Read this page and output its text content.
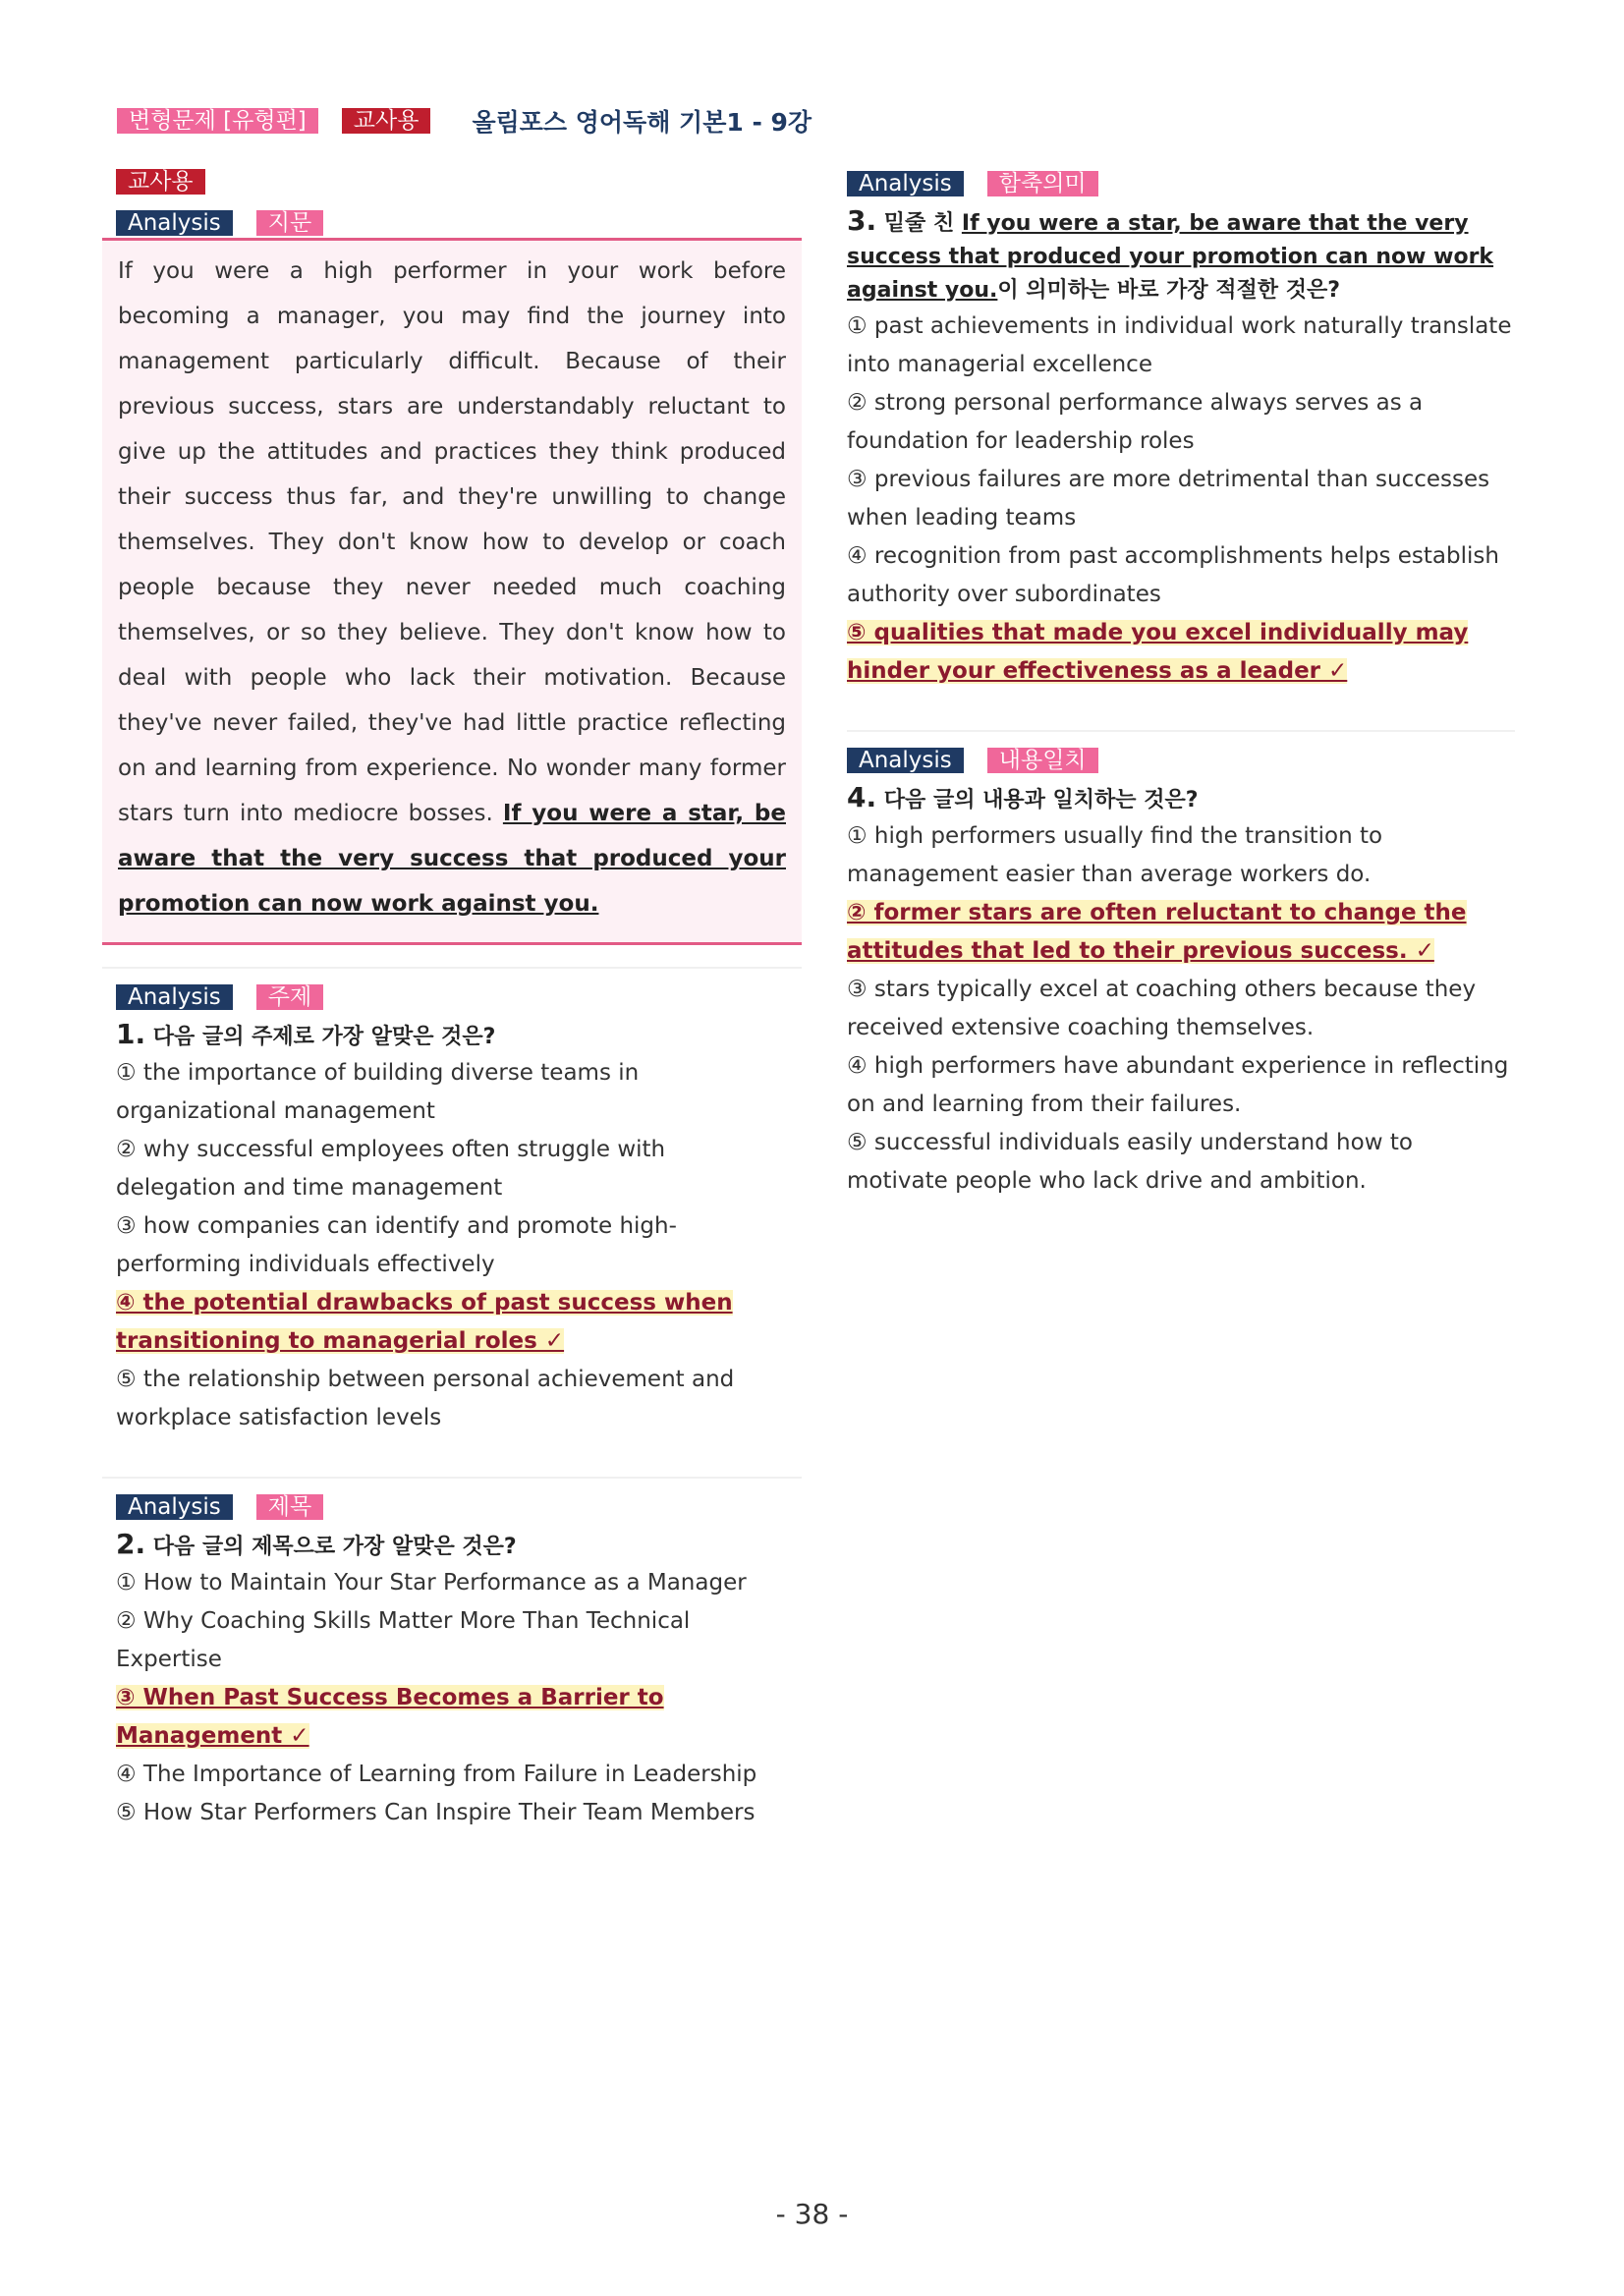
변형문제 [유형편]	교사용	올림포스 영어독해 기본1 - 9강
교사용
Analysis	지문
If you were a high performer in your work before becoming a manager, you may find the journey into management particularly difficult. Because of their previous success, stars are understandably reluctant to give up the attitudes and practices they think produced their success thus far, and they're unwilling to change themselves. They don't know how to develop or coach people because they never needed much coaching themselves, or so they believe. They don't know how to deal with people who lack their motivation. Because they've never failed, they've had little practice reflecting on and learning from experience. No wonder many former stars turn into mediocre bosses. If you were a star, be aware that the very success that produced your promotion can now work against you.
Analysis	주제
1. 다음 글의 주제로 가장 알맞은 것은?
① the importance of building diverse teams in organizational management
② why successful employees often struggle with delegation and time management
③ how companies can identify and promote high-performing individuals effectively
④ the potential drawbacks of past success when transitioning to managerial roles ✓
⑤ the relationship between personal achievement and workplace satisfaction levels
Analysis	제목
2. 다음 글의 제목으로 가장 알맞은 것은?
① How to Maintain Your Star Performance as a Manager
② Why Coaching Skills Matter More Than Technical Expertise
③ When Past Success Becomes a Barrier to Management ✓
④ The Importance of Learning from Failure in Leadership
⑤ How Star Performers Can Inspire Their Team Members
Analysis	함축의미
3. 밑줄 친 If you were a star, be aware that the very success that produced your promotion can now work against you.이 의미하는 바로 가장 적절한 것은?
① past achievements in individual work naturally translate into managerial excellence
② strong personal performance always serves as a foundation for leadership roles
③ previous failures are more detrimental than successes when leading teams
④ recognition from past accomplishments helps establish authority over subordinates
⑤ qualities that made you excel individually may hinder your effectiveness as a leader ✓
Analysis	내용일치
4. 다음 글의 내용과 일치하는 것은?
① high performers usually find the transition to management easier than average workers do.
② former stars are often reluctant to change the attitudes that led to their previous success. ✓
③ stars typically excel at coaching others because they received extensive coaching themselves.
④ high performers have abundant experience in reflecting on and learning from their failures.
⑤ successful individuals easily understand how to motivate people who lack drive and ambition.
- 38 -
